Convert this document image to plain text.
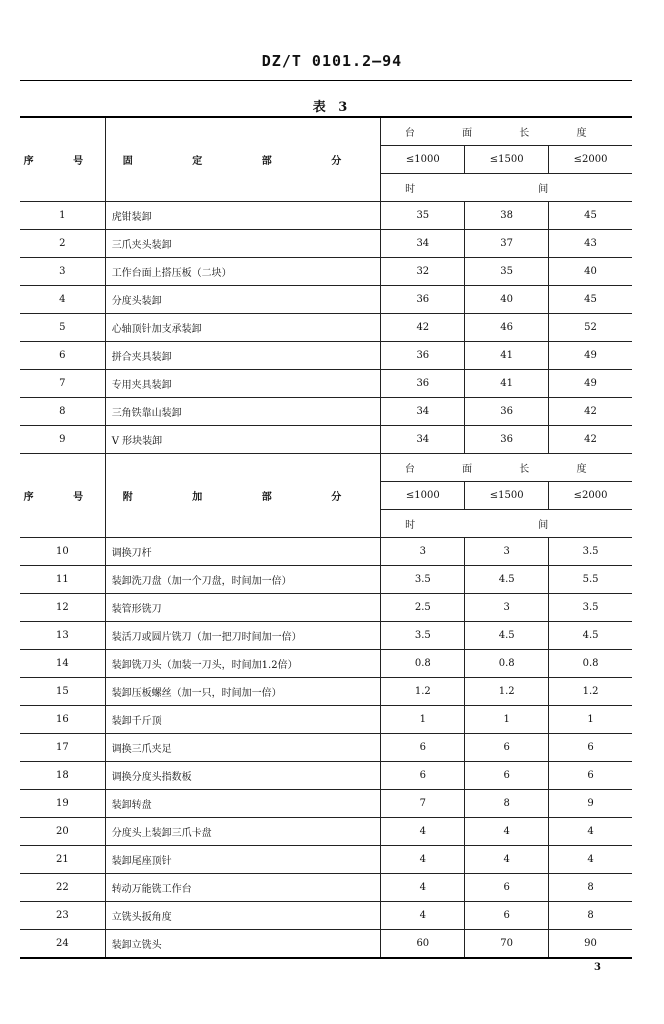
DZ/T 0101.2—94
表 3
序 号	固 定 部 分	台 面 长 度		
		≤1000	≤1500	≤2000
		时 间		
1	虎钳装卸	35	38	45
2	三爪夹头装卸	34	37	43
3	工作台面上搭压板（二块）	32	35	40
4	分度头装卸	36	40	45
5	心轴顶针加支承装卸	42	46	52
6	拼合夹具装卸	36	41	49
7	专用夹具装卸	36	41	49
8	三角铁靠山装卸	34	36	42
9	V 形块装卸	34	36	42
序 号	附 加 部 分	台 面 长 度		
		≤1000	≤1500	≤2000
		时 间		
10	调换刀杆	3	3	3.5
11	装卸洗刀盘（加一个刀盘，时间加一倍）	3.5	4.5	5.5
12	装管形铣刀	2.5	3	3.5
13	装活刀或圆片铣刀（加一把刀时间加一倍）	3.5	4.5	4.5
14	装卸铣刀头（加装一刀头，时间加1.2倍）	0.8	0.8	0.8
15	装卸压板螺丝（加一只，时间加一倍）	1.2	1.2	1.2
16	装卸千斤顶	1	1	1
17	调换三爪夹足	6	6	6
18	调换分度头指数板	6	6	6
19	装卸转盘	7	8	9
20	分度头上装卸三爪卡盘	4	4	4
21	装卸尾座顶针	4	4	4
22	转动万能铣工作台	4	6	8
23	立铣头扳角度	4	6	8
24	装卸立铣头	60	70	90
3
